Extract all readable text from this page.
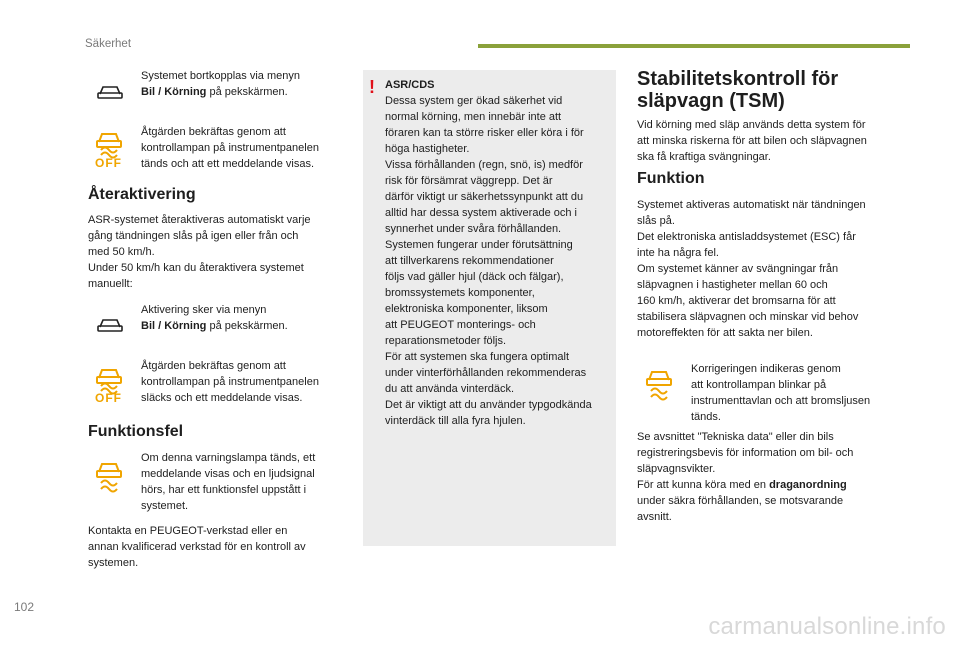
Säkerhet
Systemet bortkopplas via menyn
Bil / Körning på pekskärmen.
OFF
Åtgärden bekräftas genom att
kontrollampan på instrumentpanelen
tänds och att ett meddelande visas.
Återaktivering
ASR-systemet återaktiveras automatiskt varje
gång tändningen slås på igen eller från och
med 50 km/h.
Under 50 km/h kan du återaktivera systemet
manuellt:
Aktivering sker via menyn
Bil / Körning på pekskärmen.
OFF
Åtgärden bekräftas genom att
kontrollampan på instrumentpanelen
släcks och ett meddelande visas.
Funktionsfel
Om denna varningslampa tänds, ett
meddelande visas och en ljudsignal
hörs, har ett funktionsfel uppstått i
systemet.
Kontakta en PEUGEOT-verkstad eller en
annan kvalificerad verkstad för en kontroll av
systemen.
! ASR/CDS
Dessa system ger ökad säkerhet vid
normal körning, men innebär inte att
föraren kan ta större risker eller köra i för
höga hastigheter.
Vissa förhållanden (regn, snö, is) medför
risk för försämrat väggrepp. Det är
därför viktigt ur säkerhetssynpunkt att du
alltid har dessa system aktiverade och i
synnerhet under svåra förhållanden.
Systemen fungerar under förutsättning
att tillverkarens rekommendationer
följs vad gäller hjul (däck och fälgar),
bromssystemets komponenter,
elektroniska komponenter, liksom
att PEUGEOT monterings- och
reparationsmetoder följs.
För att systemen ska fungera optimalt
under vinterförhållanden rekommenderas
du att använda vinterdäck.
Det är viktigt att du använder typgodkända
vinterdäck till alla fyra hjulen.
Stabilitetskontroll för
släpvagn (TSM)
Vid körning med släp används detta system för
att minska riskerna för att bilen och släpvagnen
ska få kraftiga svängningar.
Funktion
Systemet aktiveras automatiskt när tändningen
slås på.
Det elektroniska antisladdsystemet (ESC) får
inte ha några fel.
Om systemet känner av svängningar från
släpvagnen i hastigheter mellan 60 och
160 km/h, aktiverar det bromsarna för att
stabilisera släpvagnen och minskar vid behov
motoreffekten för att sakta ner bilen.
Korrigeringen indikeras genom
att kontrollampan blinkar på
instrumenttavlan och att bromsljusen
tänds.
Se avsnittet "Tekniska data" eller din bils
registreringsbevis för information om bil- och
släpvagnsvikter.
För att kunna köra med en draganordning
under säkra förhållanden, se motsvarande
avsnitt.
102
carmanualsonline.info
